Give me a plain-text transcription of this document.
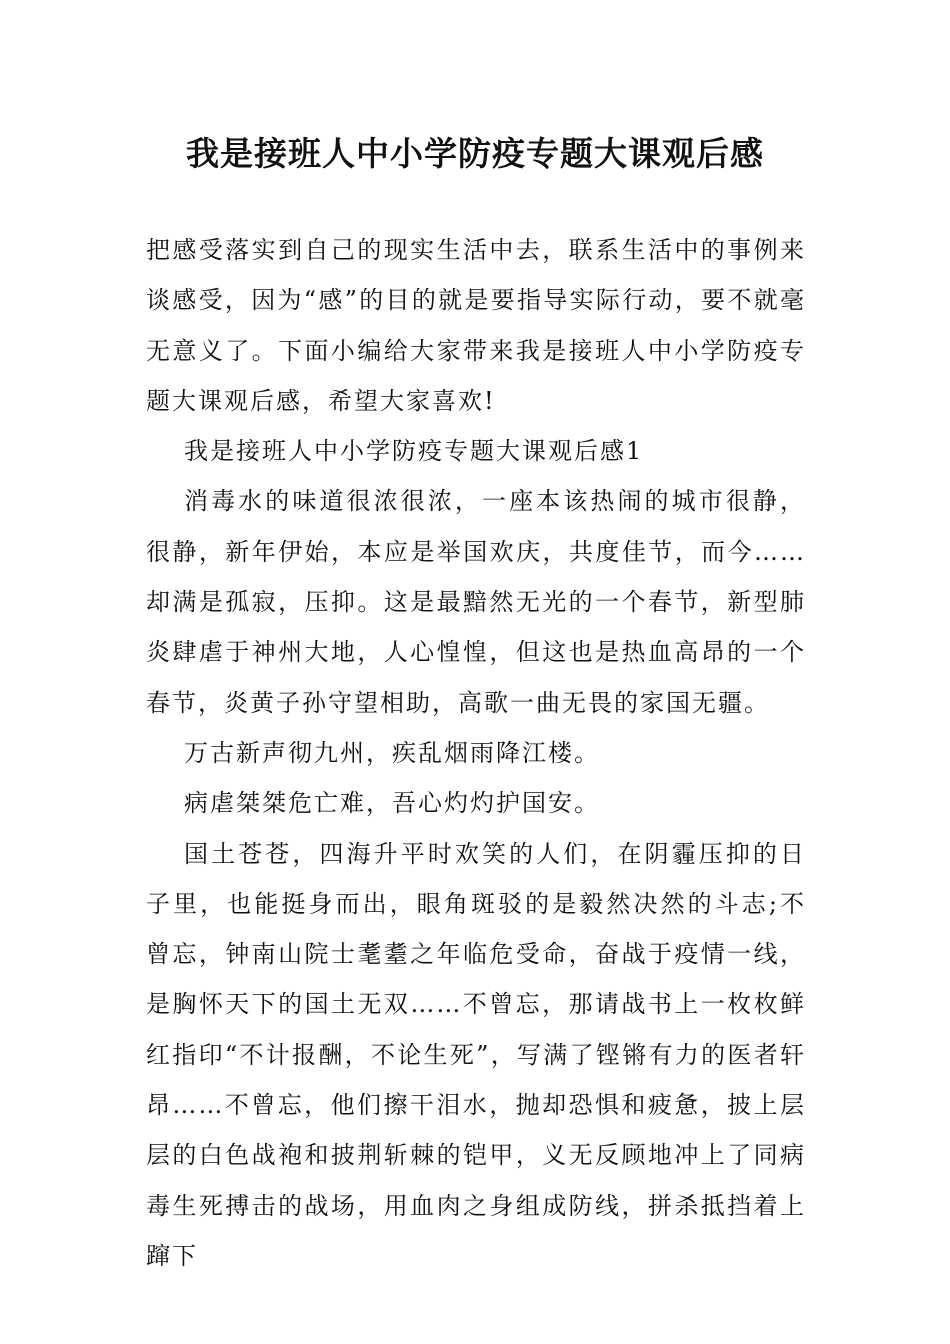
我是接班人中小学防疫专题大课观后感

把感受落实到自己的现实生活中去，联系生活中的事例来谈感受，因为“感”的目的就是要指导实际行动，要不就毫无意义了。下面小编给大家带来我是接班人中小学防疫专题大课观后感，希望大家喜欢!

我是接班人中小学防疫专题大课观后感1

消毒水的味道很浓很浓，一座本该热闹的城市很静，很静，新年伊始，本应是举国欢庆，共度佳节，而今……却满是孤寂，压抑。这是最黯然无光的一个春节，新型肺炎肆虐于神州大地，人心惶惶，但这也是热血高昂的一个春节，炎黄子孙守望相助，高歌一曲无畏的家国无疆。

万古新声彻九州，疾乱烟雨降江楼。

病虐桀桀危亡难，吾心灼灼护国安。

国土苍苍，四海升平时欢笑的人们，在阴霾压抑的日子里，也能挺身而出，眼角斑驳的是毅然决然的斗志;不曾忘，钟南山院士耄耋之年临危受命，奋战于疫情一线，是胸怀天下的国土无双……不曾忘，那请战书上一枚枚鲜红指印“不计报酬，不论生死”，写满了铿锵有力的医者轩昂……不曾忘，他们擦干泪水，抛却恐惧和疲惫，披上层层的白色战袍和披荆斩棘的铠甲，义无反顾地冲上了同病毒生死搏击的战场，用血肉之身组成防线，拼杀抵挡着上蹿下
